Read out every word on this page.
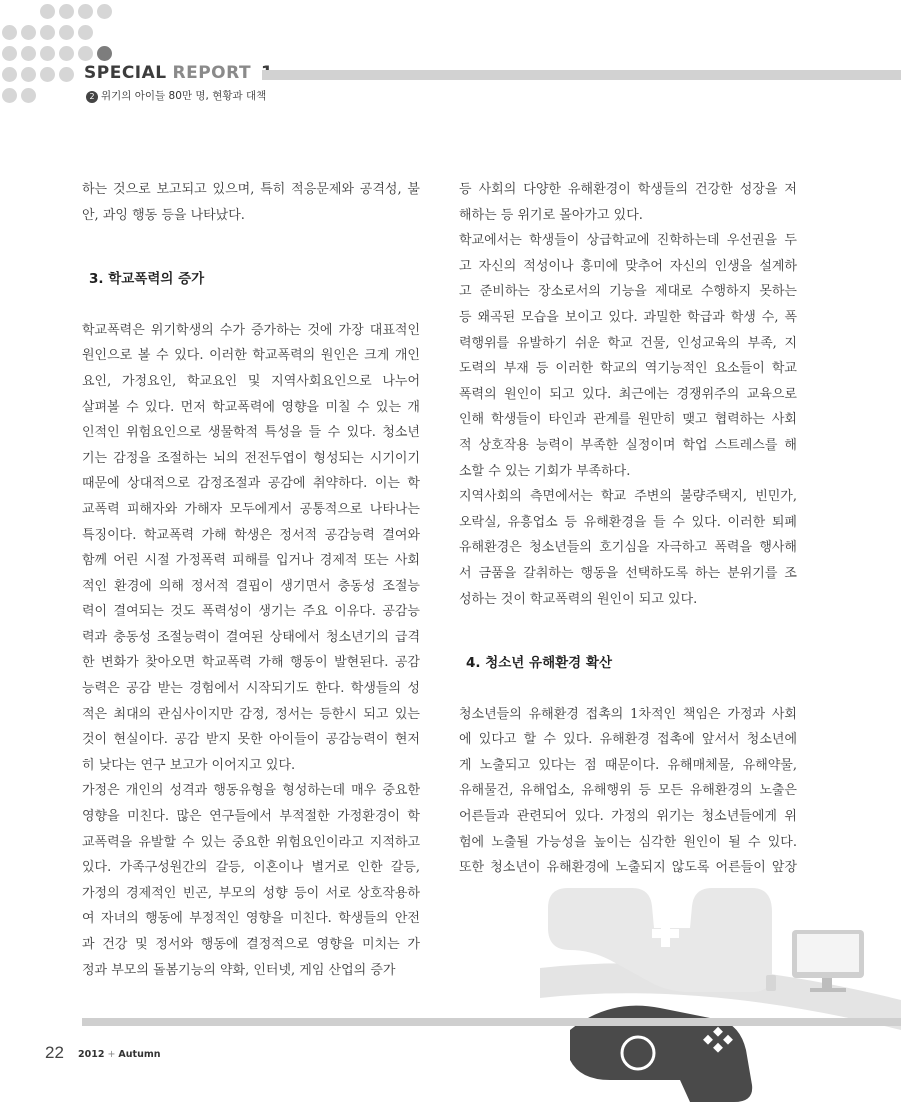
SPECIAL REPORT
2 위기의 아이들 80만 명, 현황과 대책
하는 것으로 보고되고 있으며, 특히 적응문제와 공격성, 불
안, 과잉 행동 등을 나타났다.
3. 학교폭력의 증가
학교폭력은 위기학생의 수가 증가하는 것에 가장 대표적인
원인으로 볼 수 있다. 이러한 학교폭력의 원인은 크게 개인
요인, 가정요인, 학교요인 및 지역사회요인으로 나누어
살펴볼 수 있다. 먼저 학교폭력에 영향을 미칠 수 있는 개
인적인 위험요인으로 생물학적 특성을 들 수 있다. 청소년
기는 감정을 조절하는 뇌의 전전두엽이 형성되는 시기이기
때문에 상대적으로 감정조절과 공감에 취약하다. 이는 학
교폭력 피해자와 가해자 모두에게서 공통적으로 나타나는
특징이다. 학교폭력 가해 학생은 정서적 공감능력 결여와
함께 어린 시절 가정폭력 피해를 입거나 경제적 또는 사회
적인 환경에 의해 정서적 결핍이 생기면서 충동성 조절능
력이 결여되는 것도 폭력성이 생기는 주요 이유다. 공감능
력과 충동성 조절능력이 결여된 상태에서 청소년기의 급격
한 변화가 찾아오면 학교폭력 가해 행동이 발현된다. 공감
능력은 공감 받는 경험에서 시작되기도 한다. 학생들의 성
적은 최대의 관심사이지만 감정, 정서는 등한시 되고 있는
것이 현실이다. 공감 받지 못한 아이들이 공감능력이 현저
히 낮다는 연구 보고가 이어지고 있다.
가정은 개인의 성격과 행동유형을 형성하는데 매우 중요한
영향을 미친다. 많은 연구들에서 부적절한 가정환경이 학
교폭력을 유발할 수 있는 중요한 위험요인이라고 지적하고
있다. 가족구성원간의 갈등, 이혼이나 별거로 인한 갈등,
가정의 경제적인 빈곤, 부모의 성향 등이 서로 상호작용하
여 자녀의 행동에 부정적인 영향을 미친다. 학생들의 안전
과 건강 및 정서와 행동에 결정적으로 영향을 미치는 가
정과 부모의 돌봄기능의 약화, 인터넷, 게임 산업의 증가
등 사회의 다양한 유해환경이 학생들의 건강한 성장을 저
해하는 등 위기로 몰아가고 있다.
학교에서는 학생들이 상급학교에 진학하는데 우선권을 두
고 자신의 적성이나 흥미에 맞추어 자신의 인생을 설계하
고 준비하는 장소로서의 기능을 제대로 수행하지 못하는
등 왜곡된 모습을 보이고 있다. 과밀한 학급과 학생 수, 폭
력행위를 유발하기 쉬운 학교 건물, 인성교육의 부족, 지
도력의 부재 등 이러한 학교의 역기능적인 요소들이 학교
폭력의 원인이 되고 있다. 최근에는 경쟁위주의 교육으로
인해 학생들이 타인과 관계를 원만히 맺고 협력하는 사회
적 상호작용 능력이 부족한 실정이며 학업 스트레스를 해
소할 수 있는 기회가 부족하다.
지역사회의 측면에서는 학교 주변의 불량주택지, 빈민가,
오락실, 유흥업소 등 유해환경을 들 수 있다. 이러한 퇴폐
유해환경은 청소년들의 호기심을 자극하고 폭력을 행사해
서 금품을 갈취하는 행동을 선택하도록 하는 분위기를 조
성하는 것이 학교폭력의 원인이 되고 있다.
4. 청소년 유해환경 확산
청소년들의 유해환경 접촉의 1차적인 책임은 가정과 사회
에 있다고 할 수 있다. 유해환경 접촉에 앞서서 청소년에
게 노출되고 있다는 점 때문이다. 유해매체물, 유해약물,
유해물건, 유해업소, 유해행위 등 모든 유해환경의 노출은
어른들과 관련되어 있다. 가정의 위기는 청소년들에게 위
험에 노출될 가능성을 높이는 심각한 원인이 될 수 있다.
또한 청소년이 유해환경에 노출되지 않도록 어른들이 앞장
22 2012 + Autumn
